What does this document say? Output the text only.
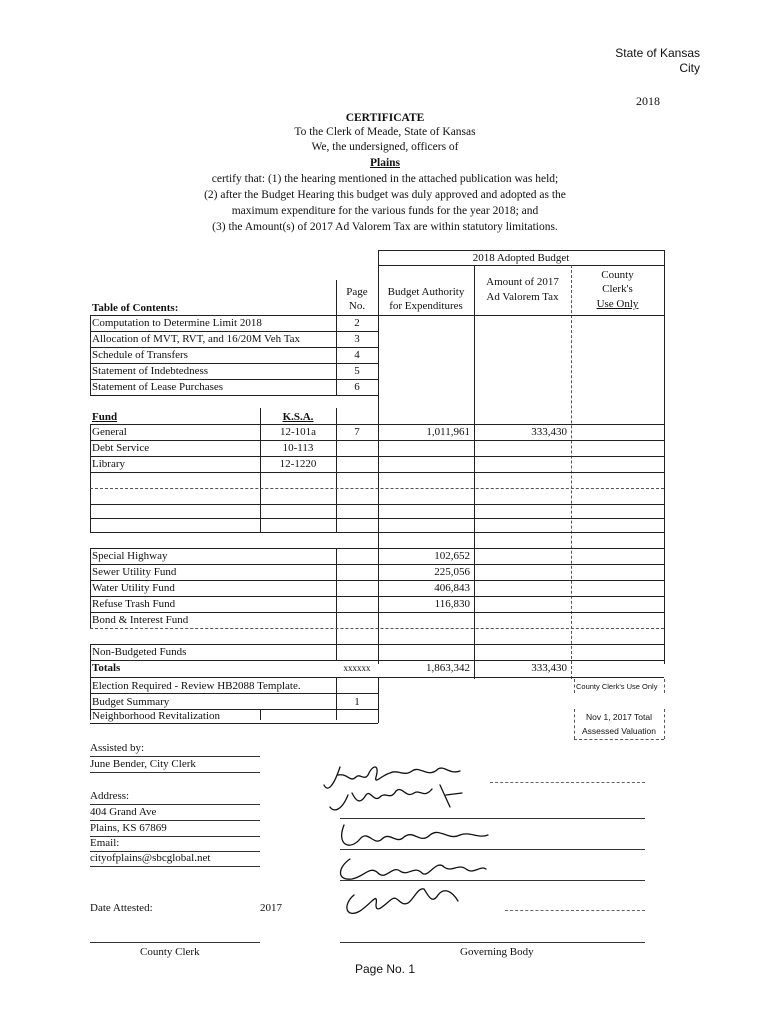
State of Kansas
City
2018
CERTIFICATE
To the Clerk of Meade, State of Kansas
We, the undersigned, officers of
Plains
certify that: (1) the hearing mentioned in the attached publication was held;
(2) after the Budget Hearing this budget was duly approved and adopted as the
maximum expenditure for the various funds for the year 2018; and
(3) the Amount(s) of 2017 Ad Valorem Tax are within statutory limitations.
2018 Adopted Budget
Page
No.
Budget Authority
for Expenditures
Amount of 2017
Ad Valorem Tax
County
Clerk's
Use Only
Table of Contents:
Computation to Determine Limit 2018	2
Allocation of MVT, RVT, and 16/20M Veh Tax	3
Schedule of Transfers	4
Statement of Indebtedness	5
Statement of Lease Purchases	6
Fund	K.S.A.
General	12-101a	7	1,011,961	333,430
Debt Service	10-113
Library	12-1220
Special Highway	102,652
Sewer Utility Fund	225,056
Water Utility Fund	406,843
Refuse Trash Fund	116,830
Bond & Interest Fund
Non-Budgeted Funds
Totals	xxxxxx	1,863,342	333,430
Election Required - Review HB2088 Template.
Budget Summary	1
Neighborhood Revitalization
County Clerk's Use Only
Nov 1, 2017 Total
Assessed Valuation
Assisted by:
June Bender, City Clerk
Address:
404 Grand Ave
Plains, KS 67869
Email:
cityofplains@sbcglobal.net
Date Attested:	2017
County Clerk	Governing Body
Page No. 1
